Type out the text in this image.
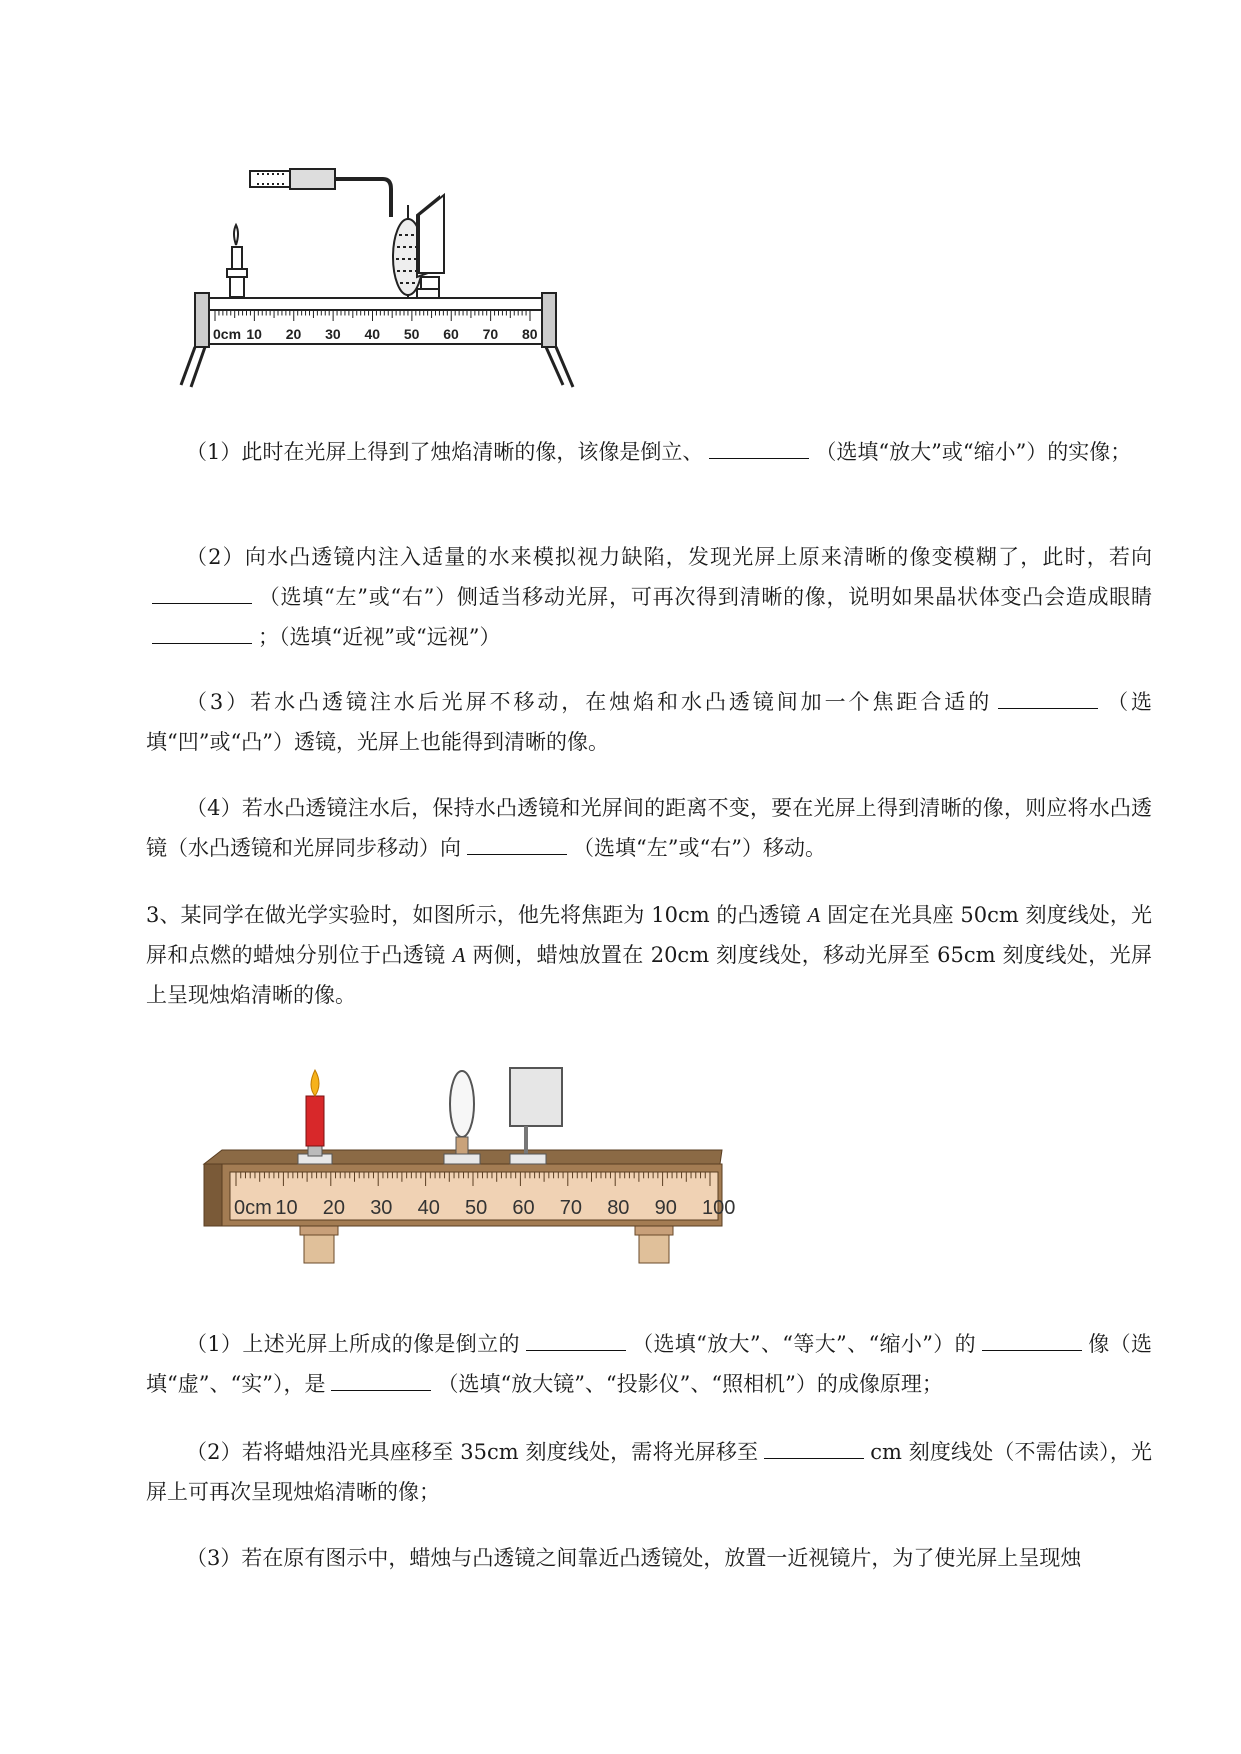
0cm 10 20 30 40 50 60 70 80
（1）此时在光屏上得到了烛焰清晰的像，该像是倒立、	（选填“放大”或“缩小”）的实像；
（2）向水凸透镜内注入适量的水来模拟视力缺陷，发现光屏上原来清晰的像变模糊了，此时，若向（选填“左”或“右”）侧适当移动光屏，可再次得到清晰的像，说明如果晶状体变凸会造成眼睛；（选填“近视”或“远视”）
（3）若水凸透镜注水后光屏不移动，在烛焰和水凸透镜间加一个焦距合适的	（选填“凹”或“凸”）透镜，光屏上也能得到清晰的像。
（4）若水凸透镜注水后，保持水凸透镜和光屏间的距离不变，要在光屏上得到清晰的像，则应将水凸透镜（水凸透镜和光屏同步移动）向	（选填“左”或“右”）移动。
3、某同学在做光学实验时，如图所示，他先将焦距为 10cm 的凸透镜 A 固定在光具座 50cm 刻度线处，光屏和点燃的蜡烛分别位于凸透镜 A 两侧，蜡烛放置在 20cm 刻度线处，移动光屏至 65cm 刻度线处，光屏上呈现烛焰清晰的像。
0cm 10 20 30 40 50 60 70 80 90 100
（1）上述光屏上所成的像是倒立的	（选填“放大”、“等大”、“缩小”）的	像（选填“虚”、“实”），是	（选填“放大镜”、“投影仪”、“照相机”）的成像原理；
（2）若将蜡烛沿光具座移至 35cm 刻度线处，需将光屏移至	cm 刻度线处（不需估读），光屏上可再次呈现烛焰清晰的像；
（3）若在原有图示中，蜡烛与凸透镜之间靠近凸透镜处，放置一近视镜片，为了使光屏上呈现烛
